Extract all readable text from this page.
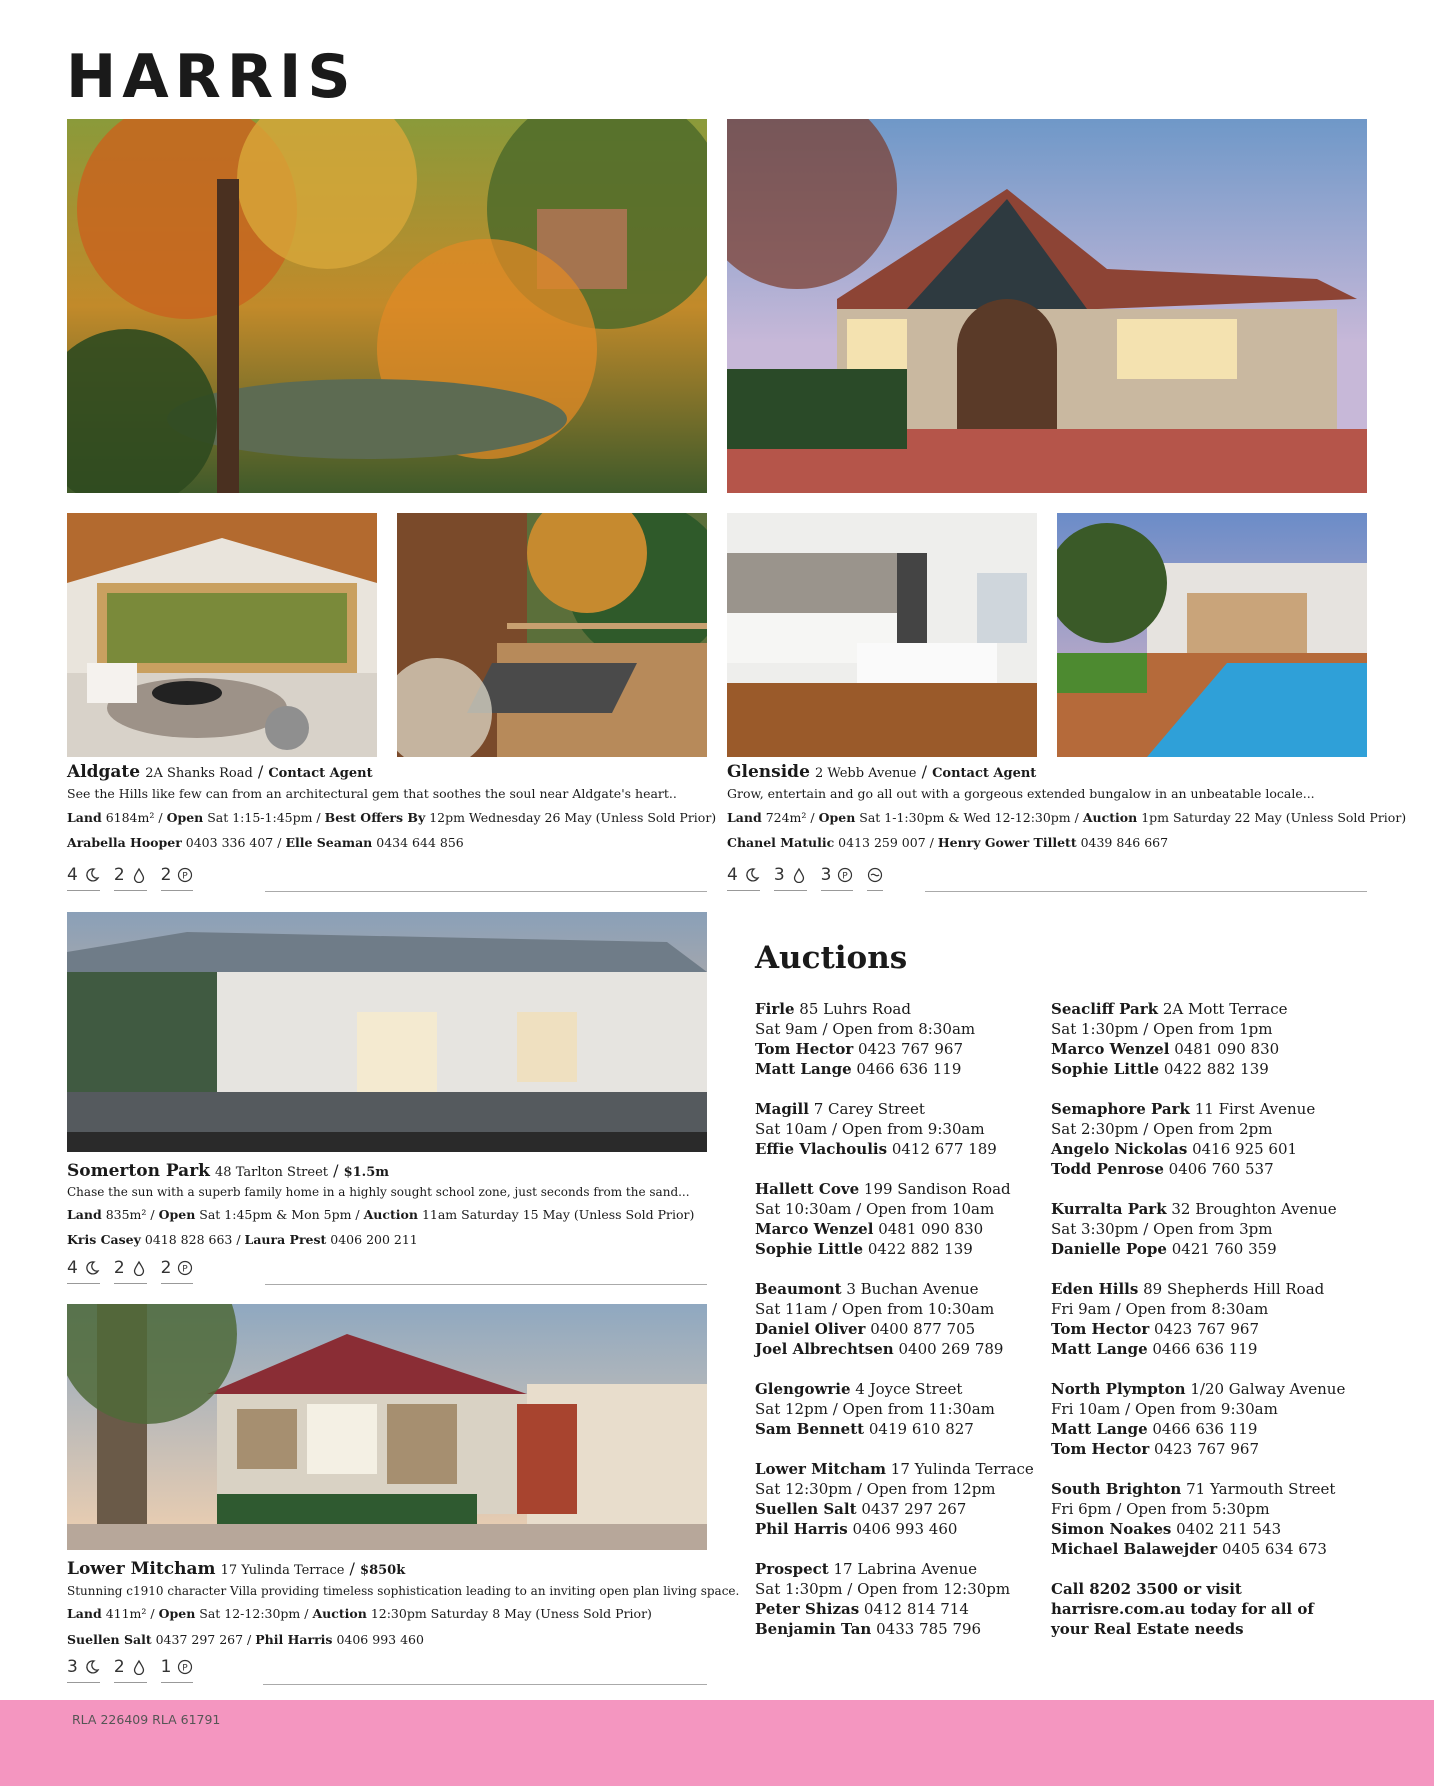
HARRIS
Aldgate 2A Shanks Road / Contact Agent
See the Hills like few can from an architectural gem that soothes the soul near Aldgate's heart..
Land 6184m² / Open Sat 1:15-1:45pm / Best Offers By 12pm Wednesday 26 May (Unless Sold Prior)
Arabella Hooper 0403 336 407 / Elle Seaman 0434 644 856
4 2 2 P
Glenside 2 Webb Avenue / Contact Agent
Grow, entertain and go all out with a gorgeous extended bungalow in an unbeatable locale...
Land 724m² / Open Sat 1-1:30pm & Wed 12-12:30pm / Auction 1pm Saturday 22 May (Unless Sold Prior)
Chanel Matulic 0413 259 007 / Henry Gower Tillett 0439 846 667
4 3 3 P
Somerton Park 48 Tarlton Street / $1.5m
Chase the sun with a superb family home in a highly sought school zone, just seconds from the sand...
Land 835m² / Open Sat 1:45pm & Mon 5pm / Auction 11am Saturday 15 May (Unless Sold Prior)
Kris Casey 0418 828 663 / Laura Prest 0406 200 211
4 2 2 P
Lower Mitcham 17 Yulinda Terrace / $850k
Stunning c1910 character Villa providing timeless sophistication leading to an inviting open plan living space.
Land 411m² / Open Sat 12-12:30pm / Auction 12:30pm Saturday 8 May (Uness Sold Prior)
Suellen Salt 0437 297 267 / Phil Harris 0406 993 460
3 2 1 P
Auctions
Firle 85 Luhrs Road
Sat 9am / Open from 8:30am
Tom Hector 0423 767 967
Matt Lange 0466 636 119
Magill 7 Carey Street
Sat 10am / Open from 9:30am
Effie Vlachoulis 0412 677 189
Hallett Cove 199 Sandison Road
Sat 10:30am / Open from 10am
Marco Wenzel 0481 090 830
Sophie Little 0422 882 139
Beaumont 3 Buchan Avenue
Sat 11am / Open from 10:30am
Daniel Oliver 0400 877 705
Joel Albrechtsen 0400 269 789
Glengowrie 4 Joyce Street
Sat 12pm / Open from 11:30am
Sam Bennett 0419 610 827
Lower Mitcham 17 Yulinda Terrace
Sat 12:30pm / Open from 12pm
Suellen Salt 0437 297 267
Phil Harris 0406 993 460
Prospect 17 Labrina Avenue
Sat 1:30pm / Open from 12:30pm
Peter Shizas 0412 814 714
Benjamin Tan 0433 785 796
Seacliff Park 2A Mott Terrace
Sat 1:30pm / Open from 1pm
Marco Wenzel 0481 090 830
Sophie Little 0422 882 139
Semaphore Park 11 First Avenue
Sat 2:30pm / Open from 2pm
Angelo Nickolas 0416 925 601
Todd Penrose 0406 760 537
Kurralta Park 32 Broughton Avenue
Sat 3:30pm / Open from 3pm
Danielle Pope 0421 760 359
Eden Hills 89 Shepherds Hill Road
Fri 9am / Open from 8:30am
Tom Hector 0423 767 967
Matt Lange 0466 636 119
North Plympton 1/20 Galway Avenue
Fri 10am / Open from 9:30am
Matt Lange 0466 636 119
Tom Hector 0423 767 967
South Brighton 71 Yarmouth Street
Fri 6pm / Open from 5:30pm
Simon Noakes 0402 211 543
Michael Balawejder 0405 634 673
Call 8202 3500 or visit
harrisre.com.au today for all of
your Real Estate needs
RLA 226409 RLA 61791
